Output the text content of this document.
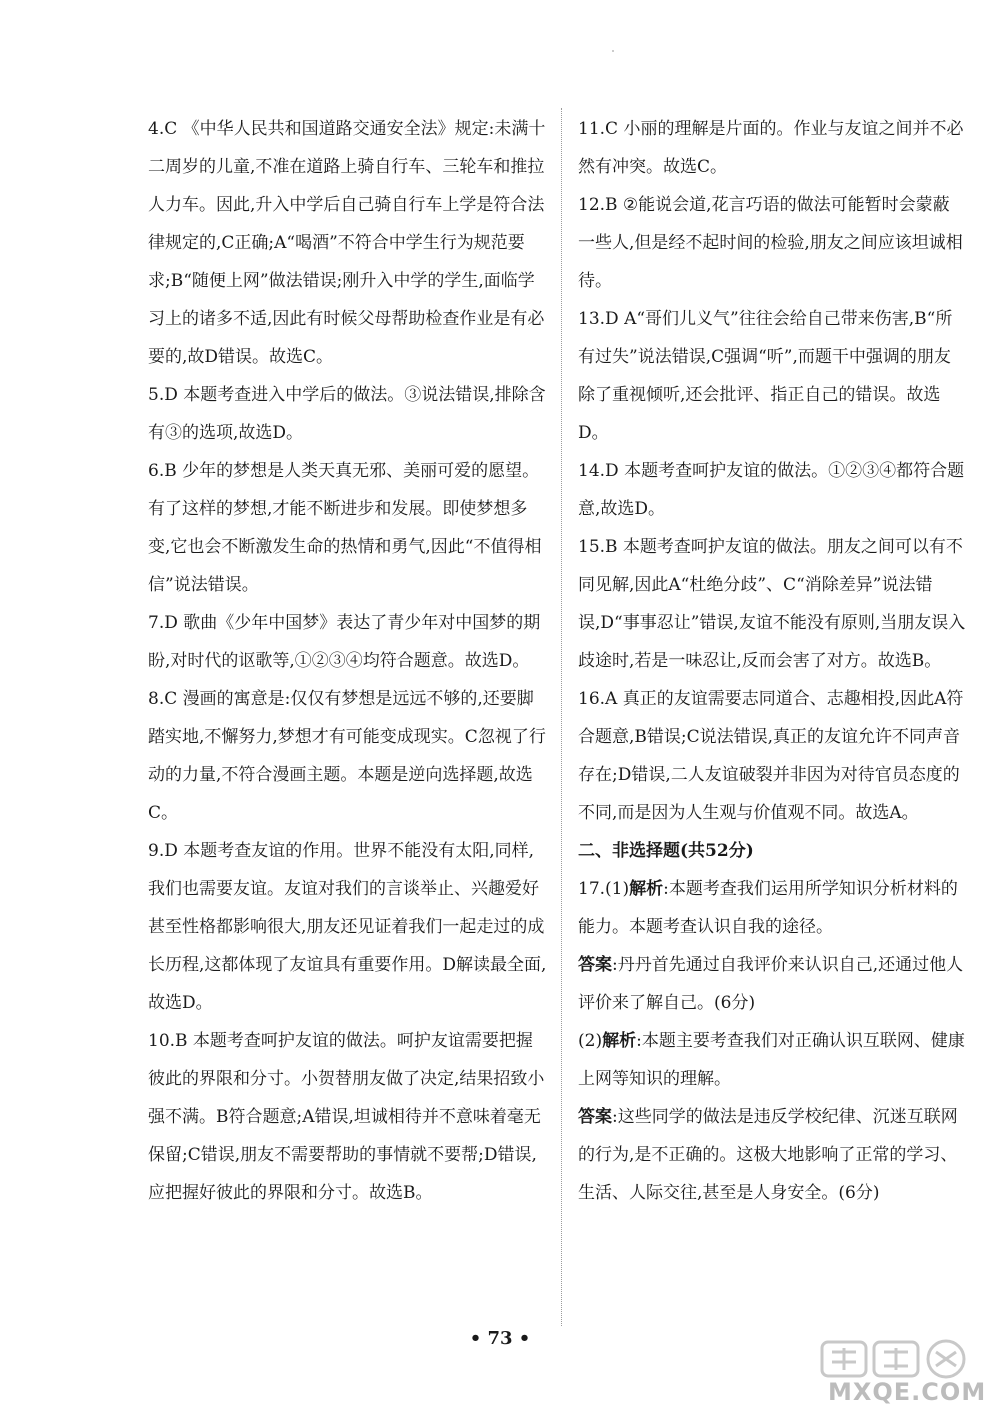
4.C 《中华人民共和国道路交通安全法》规定:未满十二周岁的儿童,不准在道路上骑自行车、三轮车和推拉人力车。因此,升入中学后自己骑自行车上学是符合法律规定的,C正确;A“喝酒”不符合中学生行为规范要求;B“随便上网”做法错误;刚升入中学的学生,面临学习上的诸多不适,因此有时候父母帮助检查作业是有必要的,故D错误。故选C。
5.D 本题考查进入中学后的做法。③说法错误,排除含有③的选项,故选D。
6.B 少年的梦想是人类天真无邪、美丽可爱的愿望。有了这样的梦想,才能不断进步和发展。即使梦想多变,它也会不断激发生命的热情和勇气,因此“不值得相信”说法错误。
7.D 歌曲《少年中国梦》表达了青少年对中国梦的期盼,对时代的讴歌等,①②③④均符合题意。故选D。
8.C 漫画的寓意是:仅仅有梦想是远远不够的,还要脚踏实地,不懈努力,梦想才有可能变成现实。C忽视了行动的力量,不符合漫画主题。本题是逆向选择题,故选C。
9.D 本题考查友谊的作用。世界不能没有太阳,同样,我们也需要友谊。友谊对我们的言谈举止、兴趣爱好甚至性格都影响很大,朋友还见证着我们一起走过的成长历程,这都体现了友谊具有重要作用。D解读最全面,故选D。
10.B 本题考查呵护友谊的做法。呵护友谊需要把握彼此的界限和分寸。小贺替朋友做了决定,结果招致小强不满。B符合题意;A错误,坦诚相待并不意味着毫无保留;C错误,朋友不需要帮助的事情就不要帮;D错误,应把握好彼此的界限和分寸。故选B。
11.C 小丽的理解是片面的。作业与友谊之间并不必然有冲突。故选C。
12.B ②能说会道,花言巧语的做法可能暂时会蒙蔽一些人,但是经不起时间的检验,朋友之间应该坦诚相待。
13.D A“哥们儿义气”往往会给自己带来伤害,B“所有过失”说法错误,C强调“听”,而题干中强调的朋友除了重视倾听,还会批评、指正自己的错误。故选D。
14.D 本题考查呵护友谊的做法。①②③④都符合题意,故选D。
15.B 本题考查呵护友谊的做法。朋友之间可以有不同见解,因此A“杜绝分歧”、C“消除差异”说法错误,D“事事忍让”错误,友谊不能没有原则,当朋友误入歧途时,若是一味忍让,反而会害了对方。故选B。
16.A 真正的友谊需要志同道合、志趣相投,因此A符合题意,B错误;C说法错误,真正的友谊允许不同声音存在;D错误,二人友谊破裂并非因为对待官员态度的不同,而是因为人生观与价值观不同。故选A。
二、非选择题(共52分)
17.(1)解析:本题考查我们运用所学知识分析材料的能力。本题考查认识自我的途径。
答案:丹丹首先通过自我评价来认识自己,还通过他人评价来了解自己。(6分)
(2)解析:本题主要考查我们对正确认识互联网、健康上网等知识的理解。
答案:这些同学的做法是违反学校纪律、沉迷互联网的行为,是不正确的。这极大地影响了正常的学习、生活、人际交往,甚至是人身安全。(6分)
• 73 •
MXQE.COM
